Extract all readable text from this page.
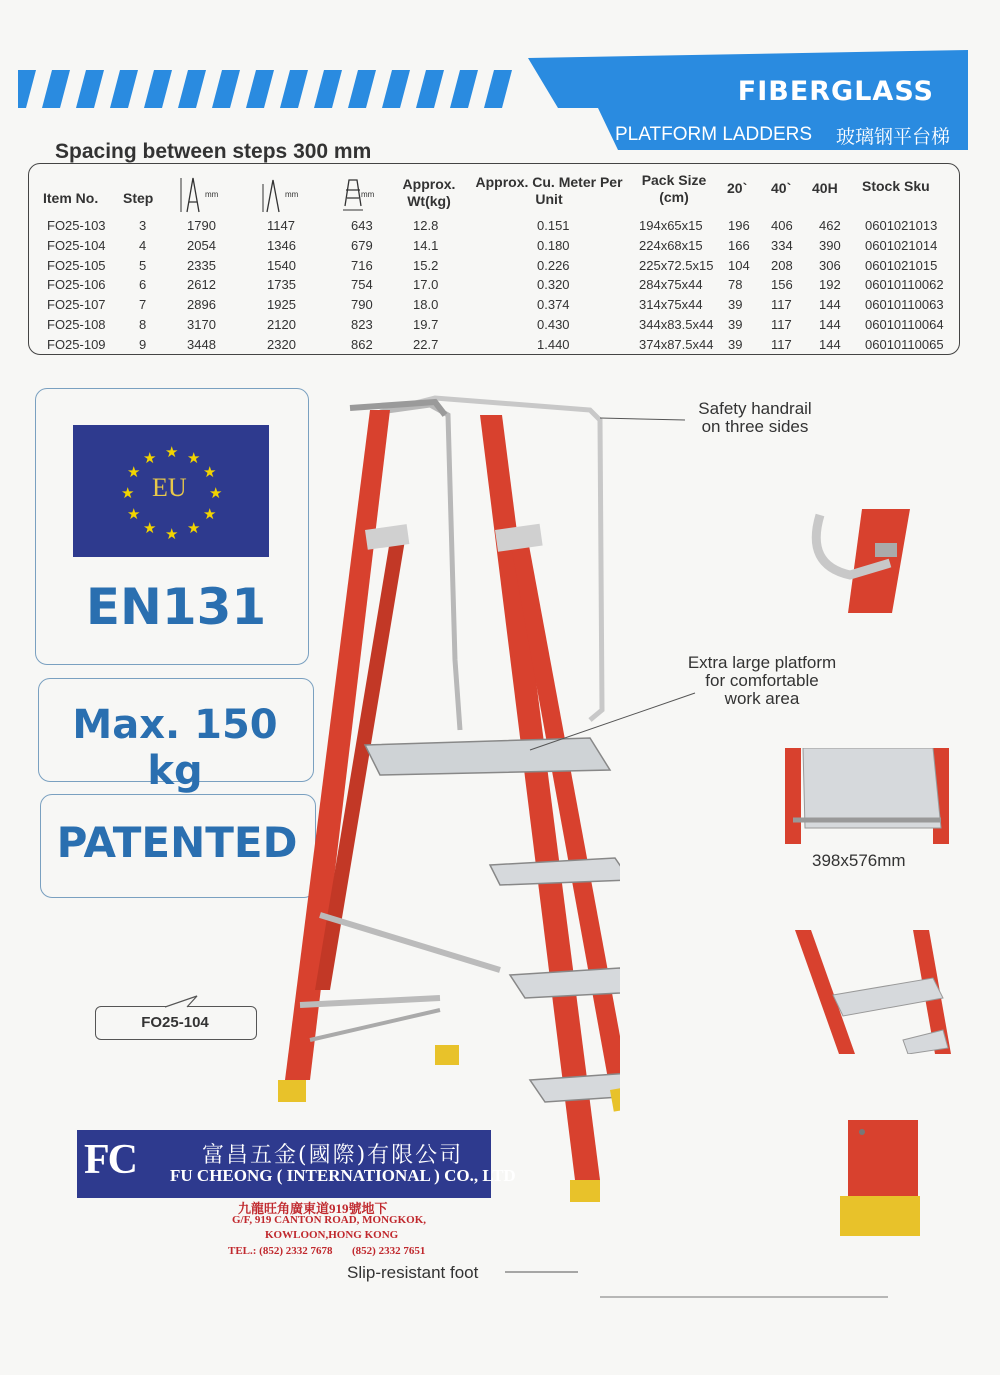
FIBERGLASS
PLATFORM LADDERS 玻璃钢平台梯
Spacing between steps 300 mm
Item No. Step	mm	mm	mm
Approx. Wt(kg)
Approx. Cu. Meter Per Unit
Pack Size (cm)
20` 40` 40H Stock Sku
FO25-103	3	1790	1147	643	12.8	0.151	194x65x15 196 406 462 0601021013
FO25-104	4	2054	1346	679	14.1	0.180	224x68x15 166 334 390 0601021014
FO25-105	5	2335	1540	716	15.2	0.226	225x72.5x15 104 208 306 0601021015
FO25-106	6	2612	1735	754	17.0	0.320	284x75x44 78 156 192 06010110062
FO25-107	7	2896	1925	790	18.0	0.374	314x75x44 39 117 144 06010110063
FO25-108	8	3170	2120	823	19.7	0.430	344x83.5x44 39 117 144 06010110064
FO25-109	9	3448	2320	862	22.7	1.440	374x87.5x44 39 117 144 06010110065
★ ★
★
★
★
★
★
★
★
★
★
★
EU
EN131
Max. 150 kg
PATENTED
FO25-104
Safety handrail
on three sides
Extra large platform
for comfortable
work area
Slip-resistant foot
398x576mm
FC	富昌五金(國際)有限公司
FU CHEONG ( INTERNATIONAL ) CO., LTD
九龍旺角廣東道919號地下
G/F, 919 CANTON ROAD, MONGKOK,
KOWLOON,HONG KONG
TEL.: (852) 2332 7678 (852) 2332 7651
